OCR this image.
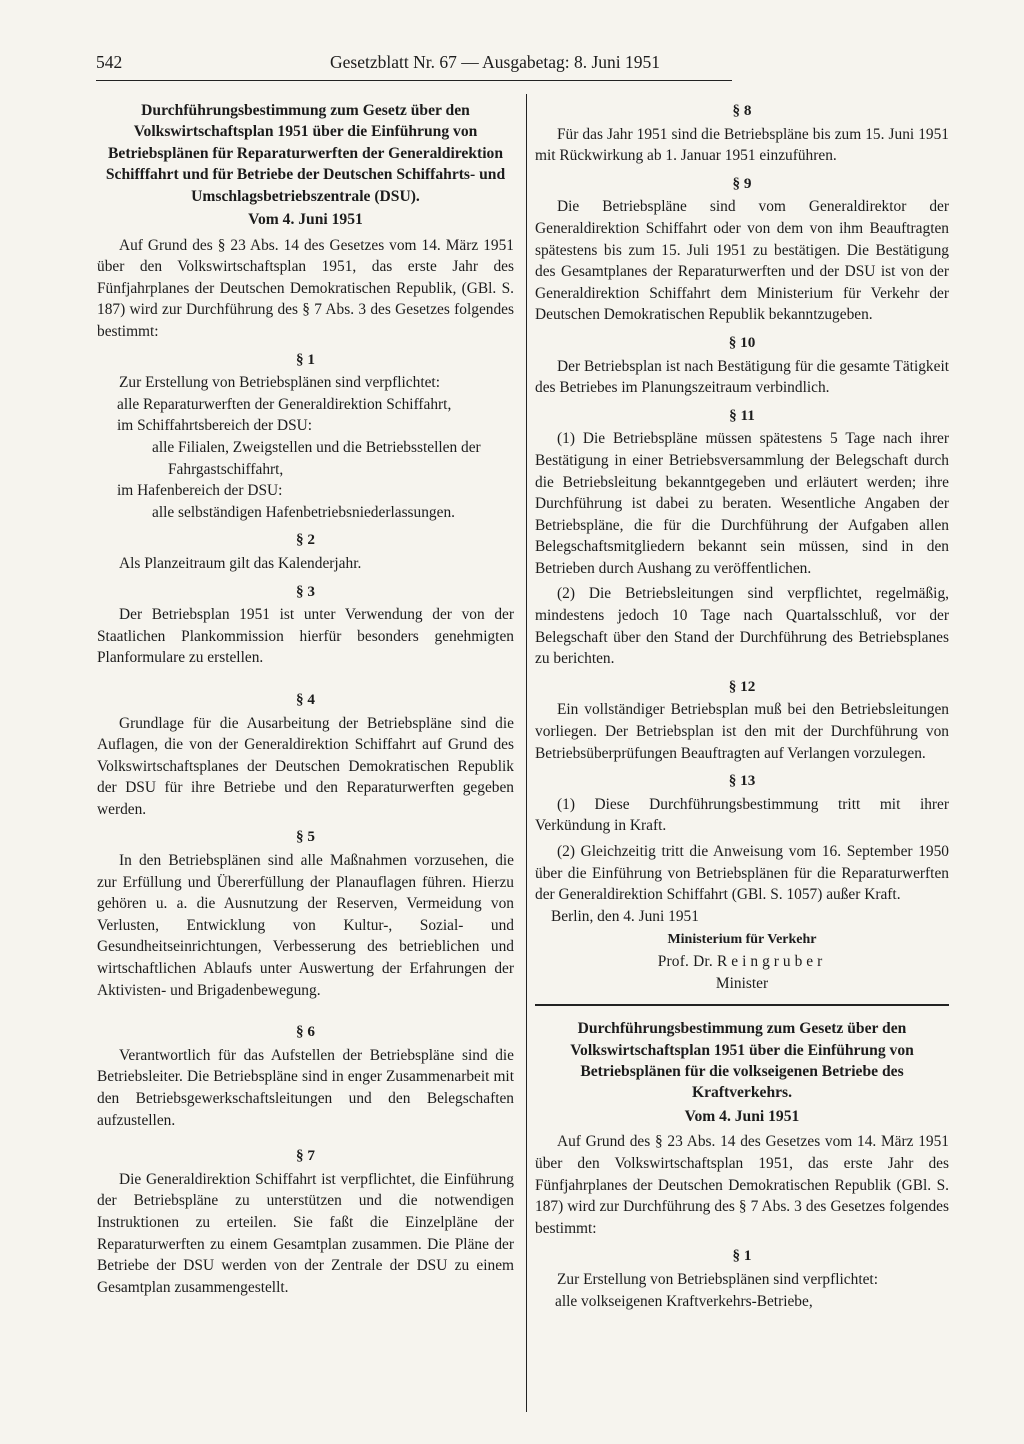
542	Gesetzblatt Nr. 67 — Ausgabetag: 8. Juni 1951

Durchführungsbestimmung zum Gesetz über den Volkswirtschaftsplan 1951 über die Einführung von Betriebsplänen für Reparaturwerften der Generaldirektion Schifffahrt und für Betriebe der Deutschen Schiffahrts- und Umschlagsbetriebszentrale (DSU).

Vom 4. Juni 1951

Auf Grund des § 23 Abs. 14 des Gesetzes vom 14. März 1951 über den Volkswirtschaftsplan 1951, das erste Jahr des Fünfjahrplanes der Deutschen Demokratischen Republik, (GBl. S. 187) wird zur Durchführung des § 7 Abs. 3 des Gesetzes folgendes bestimmt:

§ 1

Zur Erstellung von Betriebsplänen sind verpflichtet:

alle Reparaturwerften der Generaldirektion Schiffahrt,

im Schiffahrtsbereich der DSU:

alle Filialen, Zweigstellen und die Betriebsstellen der Fahrgastschiffahrt,

im Hafenbereich der DSU:

alle selbständigen Hafenbetriebsniederlassungen.

§ 2

Als Planzeitraum gilt das Kalenderjahr.

§ 3

Der Betriebsplan 1951 ist unter Verwendung der von der Staatlichen Plankommission hierfür besonders genehmigten Planformulare zu erstellen.

§ 4

Grundlage für die Ausarbeitung der Betriebspläne sind die Auflagen, die von der Generaldirektion Schiffahrt auf Grund des Volkswirtschaftsplanes der Deutschen Demokratischen Republik der DSU für ihre Betriebe und den Reparaturwerften gegeben werden.

§ 5

In den Betriebsplänen sind alle Maßnahmen vorzusehen, die zur Erfüllung und Übererfüllung der Planauflagen führen. Hierzu gehören u. a. die Ausnutzung der Reserven, Vermeidung von Verlusten, Entwicklung von Kultur-, Sozial- und Gesundheitseinrichtungen, Verbesserung des betrieblichen und wirtschaftlichen Ablaufs unter Auswertung der Erfahrungen der Aktivisten- und Brigadenbewegung.

§ 6

Verantwortlich für das Aufstellen der Betriebspläne sind die Betriebsleiter. Die Betriebspläne sind in enger Zusammenarbeit mit den Betriebsgewerkschaftsleitungen und den Belegschaften aufzustellen.

§ 7

Die Generaldirektion Schiffahrt ist verpflichtet, die Einführung der Betriebspläne zu unterstützen und die notwendigen Instruktionen zu erteilen. Sie faßt die Einzelpläne der Reparaturwerften zu einem Gesamtplan zusammen. Die Pläne der Betriebe der DSU werden von der Zentrale der DSU zu einem Gesamtplan zusammengestellt.

§ 8

Für das Jahr 1951 sind die Betriebspläne bis zum 15. Juni 1951 mit Rückwirkung ab 1. Januar 1951 einzuführen.

§ 9

Die Betriebspläne sind vom Generaldirektor der Generaldirektion Schiffahrt oder von dem von ihm Beauftragten spätestens bis zum 15. Juli 1951 zu bestätigen. Die Bestätigung des Gesamtplanes der Reparaturwerften und der DSU ist von der Generaldirektion Schiffahrt dem Ministerium für Verkehr der Deutschen Demokratischen Republik bekanntzugeben.

§ 10

Der Betriebsplan ist nach Bestätigung für die gesamte Tätigkeit des Betriebes im Planungszeitraum verbindlich.

§ 11

(1) Die Betriebspläne müssen spätestens 5 Tage nach ihrer Bestätigung in einer Betriebsversammlung der Belegschaft durch die Betriebsleitung bekanntgegeben und erläutert werden; ihre Durchführung ist dabei zu beraten. Wesentliche Angaben der Betriebspläne, die für die Durchführung der Aufgaben allen Belegschaftsmitgliedern bekannt sein müssen, sind in den Betrieben durch Aushang zu veröffentlichen.

(2) Die Betriebsleitungen sind verpflichtet, regelmäßig, mindestens jedoch 10 Tage nach Quartalsschluß, vor der Belegschaft über den Stand der Durchführung des Betriebsplanes zu berichten.

§ 12

Ein vollständiger Betriebsplan muß bei den Betriebsleitungen vorliegen. Der Betriebsplan ist den mit der Durchführung von Betriebsüberprüfungen Beauftragten auf Verlangen vorzulegen.

§ 13

(1) Diese Durchführungsbestimmung tritt mit ihrer Verkündung in Kraft.

(2) Gleichzeitig tritt die Anweisung vom 16. September 1950 über die Einführung von Betriebsplänen für die Reparaturwerften der Generaldirektion Schiffahrt (GBl. S. 1057) außer Kraft.

Berlin, den 4. Juni 1951

Ministerium für Verkehr

Prof. Dr. Reingruber

Minister

Durchführungsbestimmung zum Gesetz über den Volkswirtschaftsplan 1951 über die Einführung von Betriebsplänen für die volkseigenen Betriebe des Kraftverkehrs.

Vom 4. Juni 1951

Auf Grund des § 23 Abs. 14 des Gesetzes vom 14. März 1951 über den Volkswirtschaftsplan 1951, das erste Jahr des Fünfjahrplanes der Deutschen Demokratischen Republik (GBl. S. 187) wird zur Durchführung des § 7 Abs. 3 des Gesetzes folgendes bestimmt:

§ 1

Zur Erstellung von Betriebsplänen sind verpflichtet:

alle volkseigenen Kraftverkehrs-Betriebe,
